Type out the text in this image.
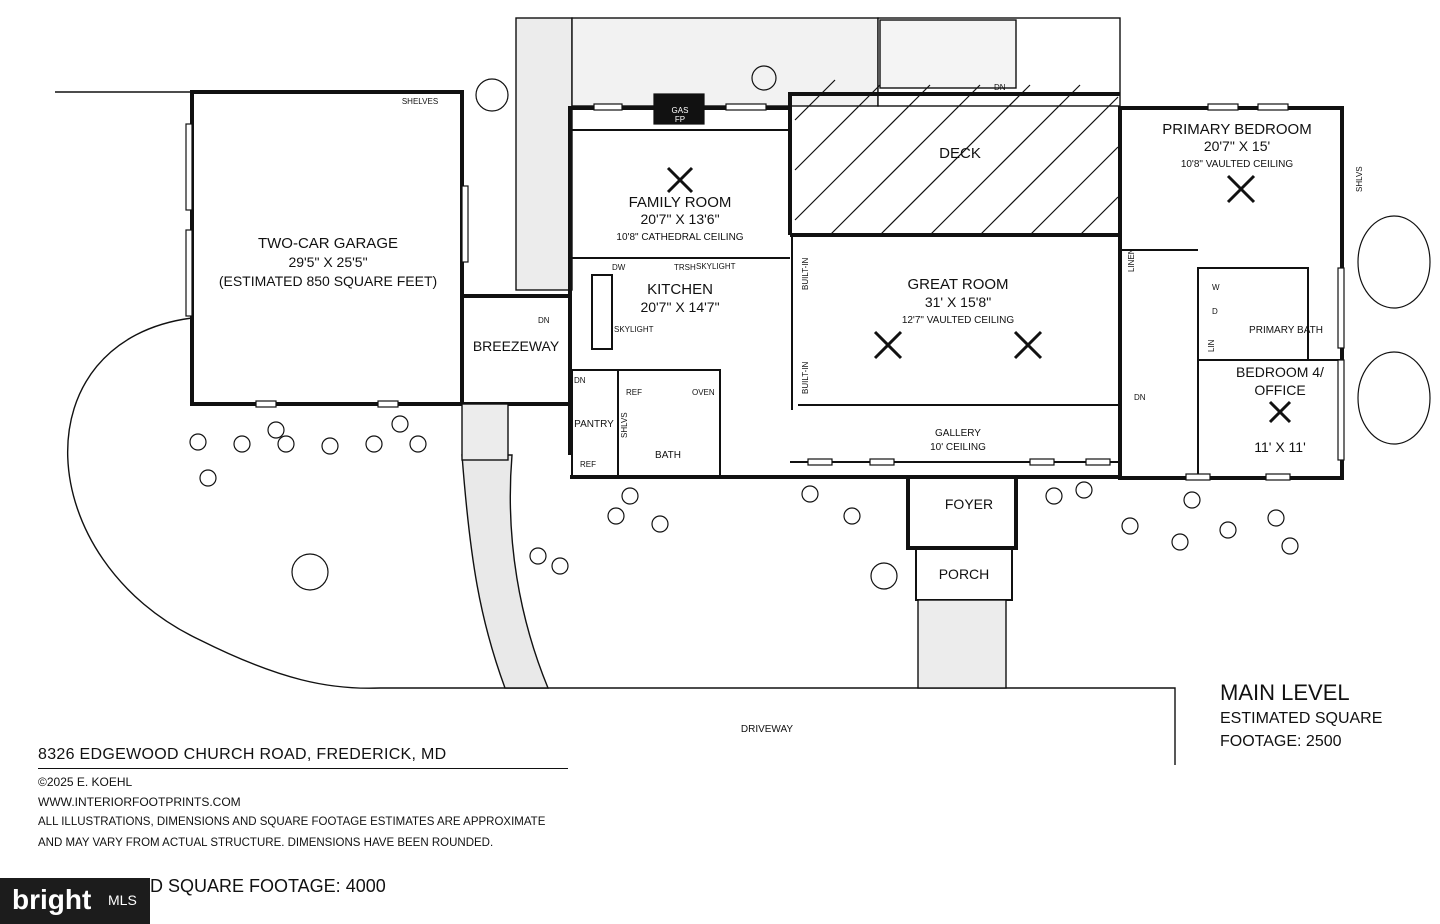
TWO-CAR GARAGE
29'5" X 25'5"
(ESTIMATED 850 SQUARE FEET)
SHELVES
GAS
FP
FAMILY ROOM
20'7" X 13'6"
10'8" CATHEDRAL CEILING
DW	TRSH SKYLIGHT
KITCHEN
20'7" X 14'7"
SKYLIGHT
DECK
GREAT ROOM
31' X 15'8"
12'7" VAULTED CEILING
BUILT-IN
BUILT-IN
PRIMARY BEDROOM
20'7" X 15'
10'8" VAULTED CEILING
SHLVS
LINEN
W
D
LIN
PRIMARY BATH
BEDROOM 4/
OFFICE
11' X 11'
BREEZEWAY
PANTRY SHLVS
REF
REF
OVEN
BATH
GALLERY
10' CEILING
FOYER
PORCH
DRIVEWAY
DN
DN
DN
DN
8326 EDGEWOOD CHURCH ROAD, FREDERICK, MD
©2025 E. KOEHL
WWW.INTERIORFOOTPRINTS.COM
ALL ILLUSTRATIONS, DIMENSIONS AND SQUARE FOOTAGE ESTIMATES ARE APPROXIMATE
AND MAY VARY FROM ACTUAL STRUCTURE. DIMENSIONS HAVE BEEN ROUNDED.
D SQUARE FOOTAGE: 4000
MAIN LEVEL
ESTIMATED SQUARE
FOOTAGE: 2500
bright MLS
